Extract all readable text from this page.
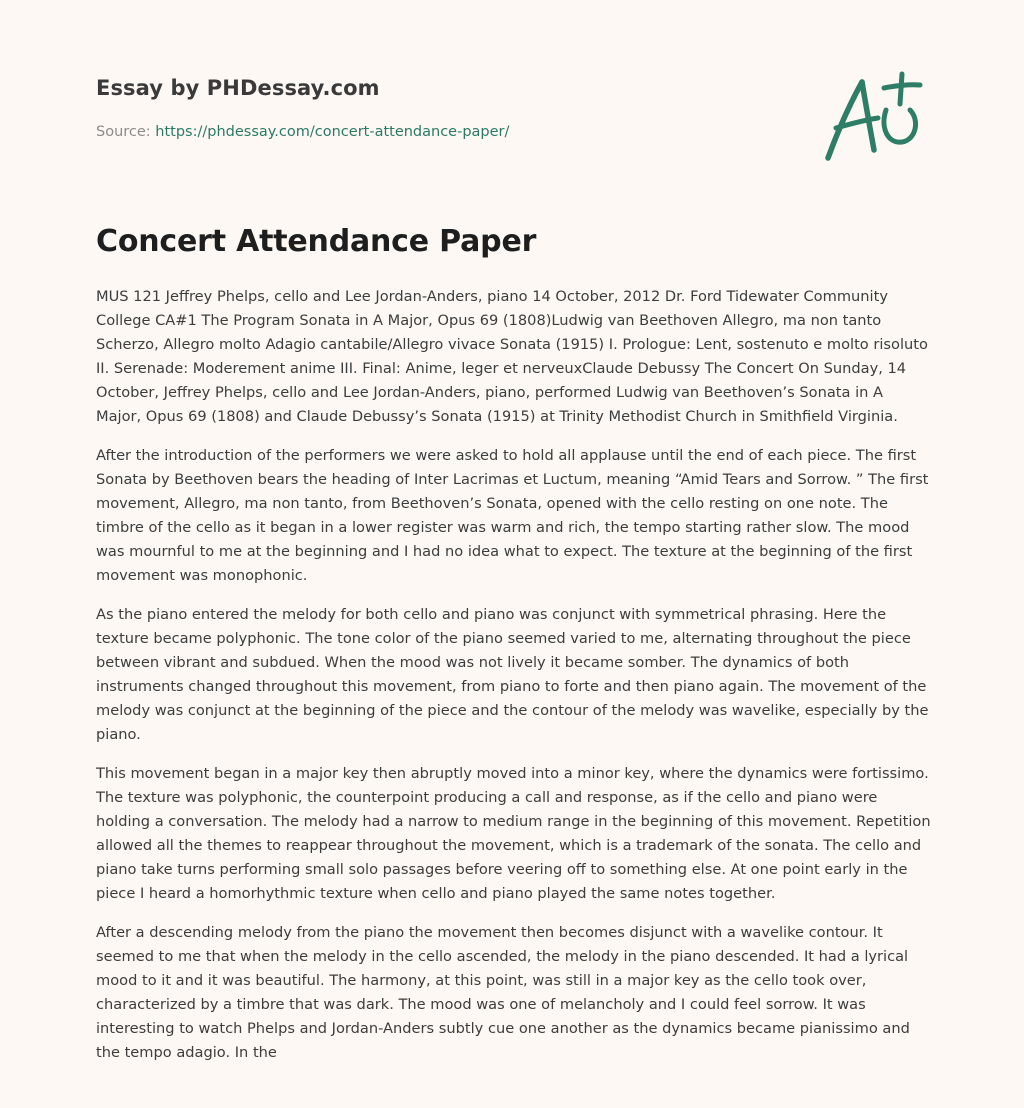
Essay by PHDessay.com
Source: https://phdessay.com/concert-attendance-paper/
Concert Attendance Paper

MUS 121 Jeffrey Phelps, cello and Lee Jordan-Anders, piano 14 October, 2012 Dr. Ford Tidewater Community College CA#1 The Program Sonata in A Major, Opus 69 (1808)Ludwig van Beethoven Allegro, ma non tanto Scherzo, Allegro molto Adagio cantabile/Allegro vivace Sonata (1915) I. Prologue: Lent, sostenuto e molto risoluto II. Serenade: Moderement anime III. Final: Anime, leger et nerveuxClaude Debussy The Concert On Sunday, 14 October, Jeffrey Phelps, cello and Lee Jordan-Anders, piano, performed Ludwig van Beethoven’s Sonata in A Major, Opus 69 (1808) and Claude Debussy’s Sonata (1915) at Trinity Methodist Church in Smithfield Virginia.

After the introduction of the performers we were asked to hold all applause until the end of each piece. The first Sonata by Beethoven bears the heading of Inter Lacrimas et Luctum, meaning “Amid Tears and Sorrow. ” The first movement, Allegro, ma non tanto, from Beethoven’s Sonata, opened with the cello resting on one note. The timbre of the cello as it began in a lower register was warm and rich, the tempo starting rather slow. The mood was mournful to me at the beginning and I had no idea what to expect. The texture at the beginning of the first movement was monophonic.

As the piano entered the melody for both cello and piano was conjunct with symmetrical phrasing. Here the texture became polyphonic. The tone color of the piano seemed varied to me, alternating throughout the piece between vibrant and subdued. When the mood was not lively it became somber. The dynamics of both instruments changed throughout this movement, from piano to forte and then piano again. The movement of the melody was conjunct at the beginning of the piece and the contour of the melody was wavelike, especially by the piano.

This movement began in a major key then abruptly moved into a minor key, where the dynamics were fortissimo. The texture was polyphonic, the counterpoint producing a call and response, as if the cello and piano were holding a conversation. The melody had a narrow to medium range in the beginning of this movement. Repetition allowed all the themes to reappear throughout the movement, which is a trademark of the sonata. The cello and piano take turns performing small solo passages before veering off to something else. At one point early in the piece I heard a homorhythmic texture when cello and piano played the same notes together.

After a descending melody from the piano the movement then becomes disjunct with a wavelike contour. It seemed to me that when the melody in the cello ascended, the melody in the piano descended. It had a lyrical mood to it and it was beautiful. The harmony, at this point, was still in a major key as the cello took over, characterized by a timbre that was dark. The mood was one of melancholy and I could feel sorrow. It was interesting to watch Phelps and Jordan-Anders subtly cue one another as the dynamics became pianissimo and the tempo adagio. In the
